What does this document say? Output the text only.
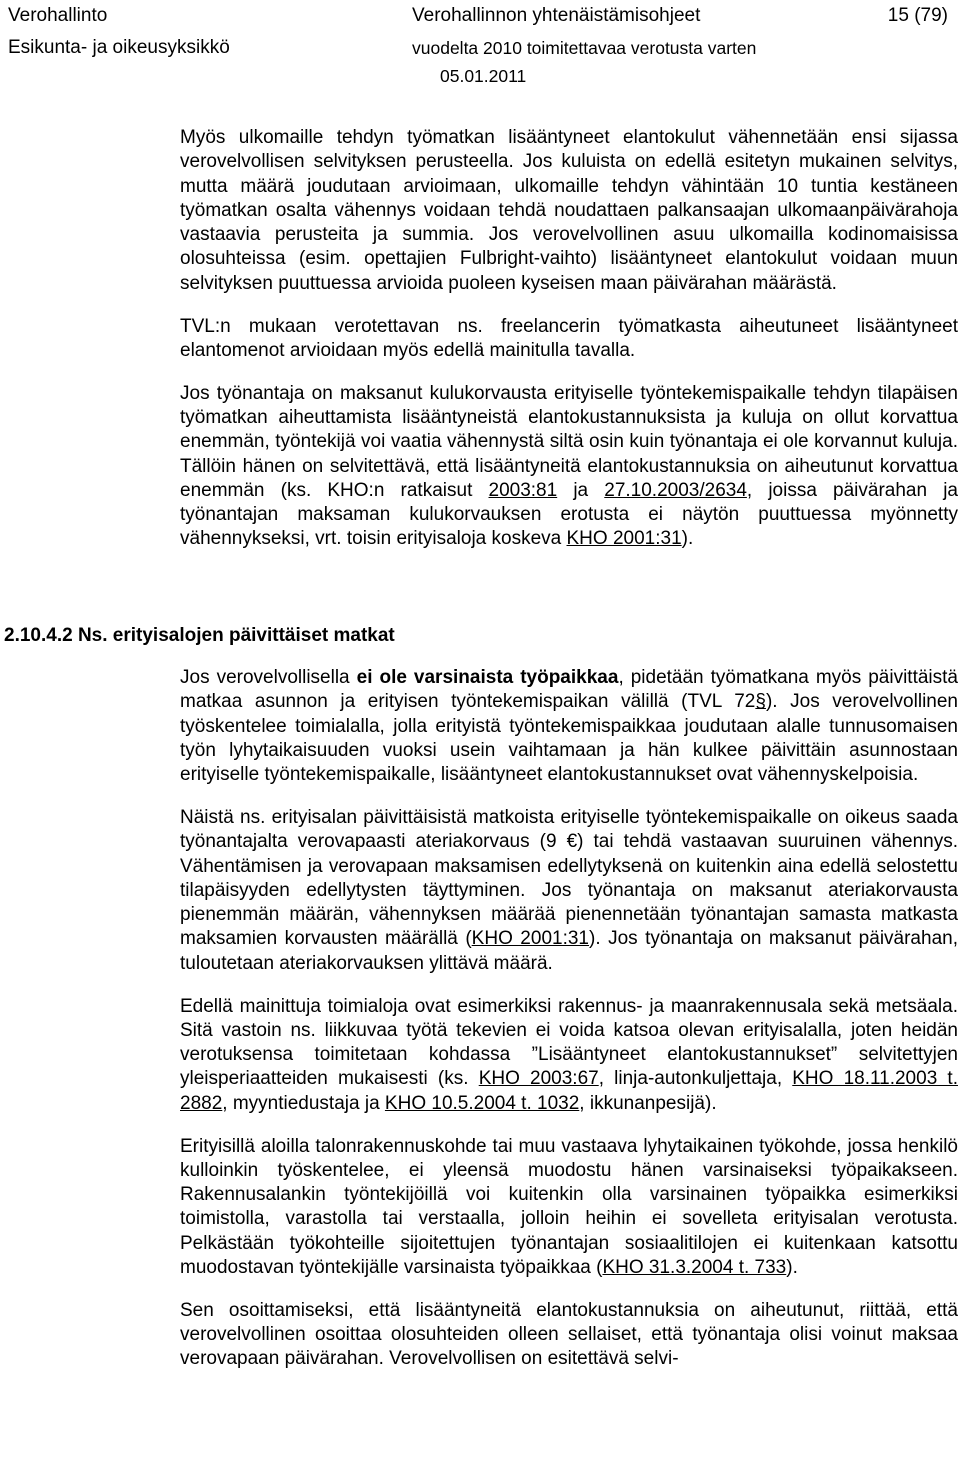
Verohallinto
Esikunta- ja oikeusyksikkö
Verohallinnon yhtenäistämisohjeet
vuodelta 2010 toimitettavaa verotusta varten
15 (79)
05.01.2011

Myös ulkomaille tehdyn työmatkan lisääntyneet elantokulut vähennetään ensi sijassa verovelvollisen selvityksen perusteella. Jos kuluista on edellä esitetyn mukainen selvitys, mutta määrä joudutaan arvioimaan, ulkomaille tehdyn vähintään 10 tuntia kestäneen työmatkan osalta vähennys voidaan tehdä noudattaen palkansaajan ulkomaanpäivärahoja vastaavia perusteita ja summia. Jos verovelvollinen asuu ulkomailla kodinomaisissa olosuhteissa (esim. opettajien Fulbright-vaihto) lisääntyneet elantokulut voidaan muun selvityksen puuttuessa arvioida puoleen kyseisen maan päivärahan määrästä.

TVL:n mukaan verotettavan ns. freelancerin työmatkasta aiheutuneet lisääntyneet elantomenot arvioidaan myös edellä mainitulla tavalla.

Jos työnantaja on maksanut kulukorvausta erityiselle työntekemispaikalle tehdyn tilapäisen työmatkan aiheuttamista lisääntyneistä elantokustannuksista ja kuluja on ollut korvattua enemmän, työntekijä voi vaatia vähennystä siltä osin kuin työnantaja ei ole korvannut kuluja. Tällöin hänen on selvitettävä, että lisääntyneitä elantokustannuksia on aiheutunut korvattua enemmän (ks. KHO:n ratkaisut 2003:81 ja 27.10.2003/2634, joissa päivärahan ja työnantajan maksaman kulukorvauksen erotusta ei näytön puuttuessa myönnetty vähennykseksi, vrt. toisin erityisaloja koskeva KHO 2001:31).

2.10.4.2 Ns. erityisalojen päivittäiset matkat

Jos verovelvollisella ei ole varsinaista työpaikkaa, pidetään työmatkana myös päivittäistä matkaa asunnon ja erityisen työntekemispaikan välillä (TVL 72§). Jos verovelvollinen työskentelee toimialalla, jolla erityistä työntekemispaikkaa joudutaan alalle tunnusomaisen työn lyhytaikaisuuden vuoksi usein vaihtamaan ja hän kulkee päivittäin asunnostaan erityiselle työntekemispaikalle, lisääntyneet elantokustannukset ovat vähennyskelpoisia.

Näistä ns. erityisalan päivittäisistä matkoista erityiselle työntekemispaikalle on oikeus saada työnantajalta verovapaasti ateriakorvaus (9 €) tai tehdä vastaavan suuruinen vähennys. Vähentämisen ja verovapaan maksamisen edellytyksenä on kuitenkin aina edellä selostettu tilapäisyyden edellytysten täyttyminen. Jos työnantaja on maksanut ateriakorvausta pienemmän määrän, vähennyksen määrää pienennetään työnantajan samasta matkasta maksamien korvausten määrällä (KHO 2001:31). Jos työnantaja on maksanut päivärahan, tuloutetaan ateriakorvauksen ylittävä määrä.

Edellä mainittuja toimialoja ovat esimerkiksi rakennus- ja maanrakennusala sekä metsäala. Sitä vastoin ns. liikkuvaa työtä tekevien ei voida katsoa olevan erityisalalla, joten heidän verotuksensa toimitetaan kohdassa ”Lisääntyneet elantokustannukset” selvitettyjen yleisperiaatteiden mukaisesti (ks. KHO 2003:67, linja-autonkuljettaja, KHO 18.11.2003 t. 2882, myyntiedustaja ja KHO 10.5.2004 t. 1032, ikkunanpesijä).

Erityisillä aloilla talonrakennuskohde tai muu vastaava lyhytaikainen työkohde, jossa henkilö kulloinkin työskentelee, ei yleensä muodostu hänen varsinaiseksi työpaikakseen. Rakennusalankin työntekijöillä voi kuitenkin olla varsinainen työpaikka esimerkiksi toimistolla, varastolla tai verstaalla, jolloin heihin ei sovelleta erityisalan verotusta. Pelkästään työkohteille sijoitettujen työnantajan sosiaalitilojen ei kuitenkaan katsottu muodostavan työntekijälle varsinaista työpaikkaa (KHO 31.3.2004 t. 733).

Sen osoittamiseksi, että lisääntyneitä elantokustannuksia on aiheutunut, riittää, että verovelvollinen osoittaa olosuhteiden olleen sellaiset, että työnantaja olisi voinut maksaa verovapaan päivärahan. Verovelvollisen on esitettävä selvi-
